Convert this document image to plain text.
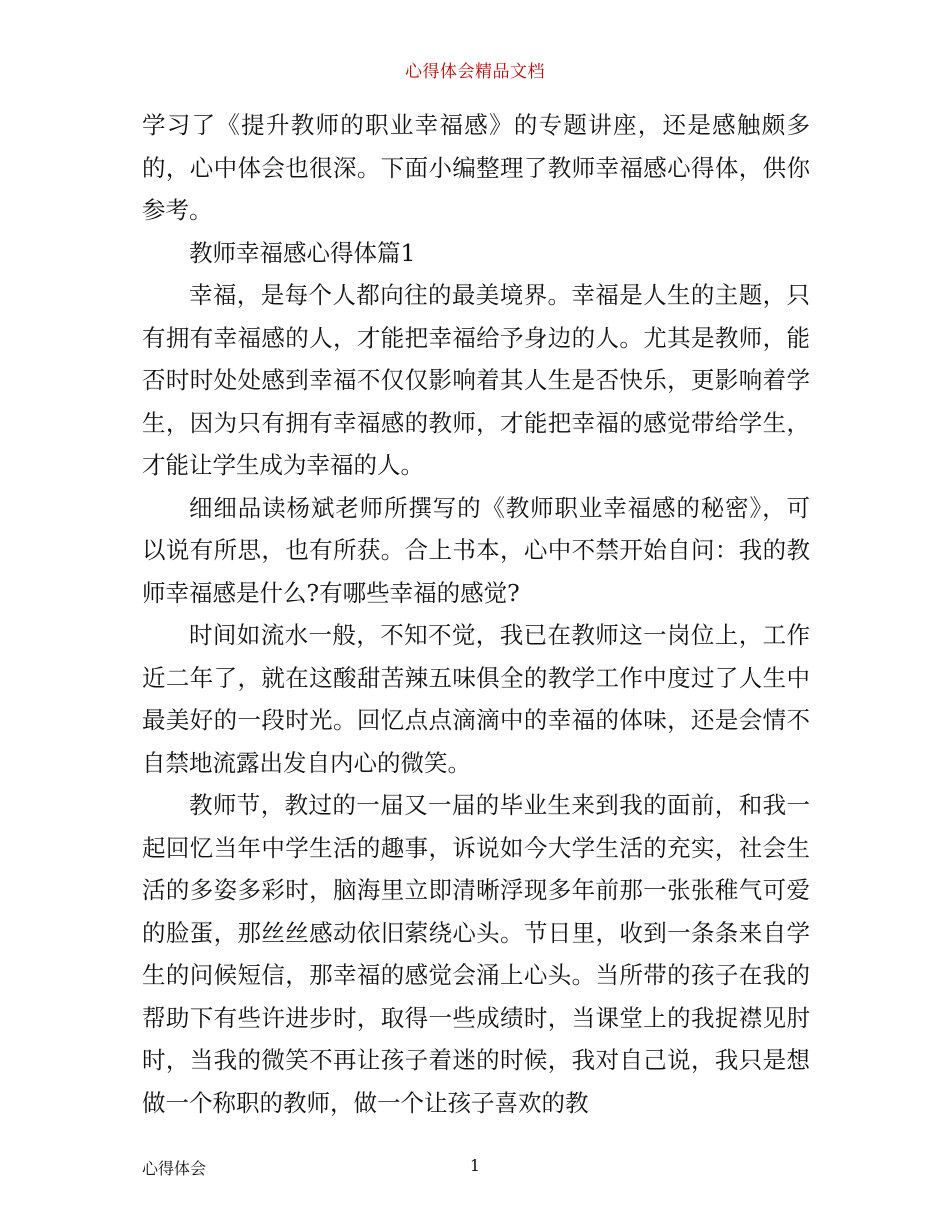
心得体会精品文档

学习了《提升教师的职业幸福感》的专题讲座，还是感触颇多的，心中体会也很深。下面小编整理了教师幸福感心得体，供你参考。

教师幸福感心得体篇1

幸福，是每个人都向往的最美境界。幸福是人生的主题，只有拥有幸福感的人，才能把幸福给予身边的人。尤其是教师，能否时时处处感到幸福不仅仅影响着其人生是否快乐，更影响着学生，因为只有拥有幸福感的教师，才能把幸福的感觉带给学生，才能让学生成为幸福的人。

细细品读杨斌老师所撰写的《教师职业幸福感的秘密》，可以说有所思，也有所获。合上书本，心中不禁开始自问：我的教师幸福感是什么?有哪些幸福的感觉?

时间如流水一般，不知不觉，我已在教师这一岗位上，工作近二年了，就在这酸甜苦辣五味俱全的教学工作中度过了人生中最美好的一段时光。回忆点点滴滴中的幸福的体味，还是会情不自禁地流露出发自内心的微笑。

教师节，教过的一届又一届的毕业生来到我的面前，和我一起回忆当年中学生活的趣事，诉说如今大学生活的充实，社会生活的多姿多彩时，脑海里立即清晰浮现多年前那一张张稚气可爱的脸蛋，那丝丝感动依旧萦绕心头。节日里，收到一条条来自学生的问候短信，那幸福的感觉会涌上心头。当所带的孩子在我的帮助下有些许进步时，取得一些成绩时，当课堂上的我捉襟见肘时，当我的微笑不再让孩子着迷的时候，我对自己说，我只是想做一个称职的教师，做一个让孩子喜欢的教

心得体会	1
